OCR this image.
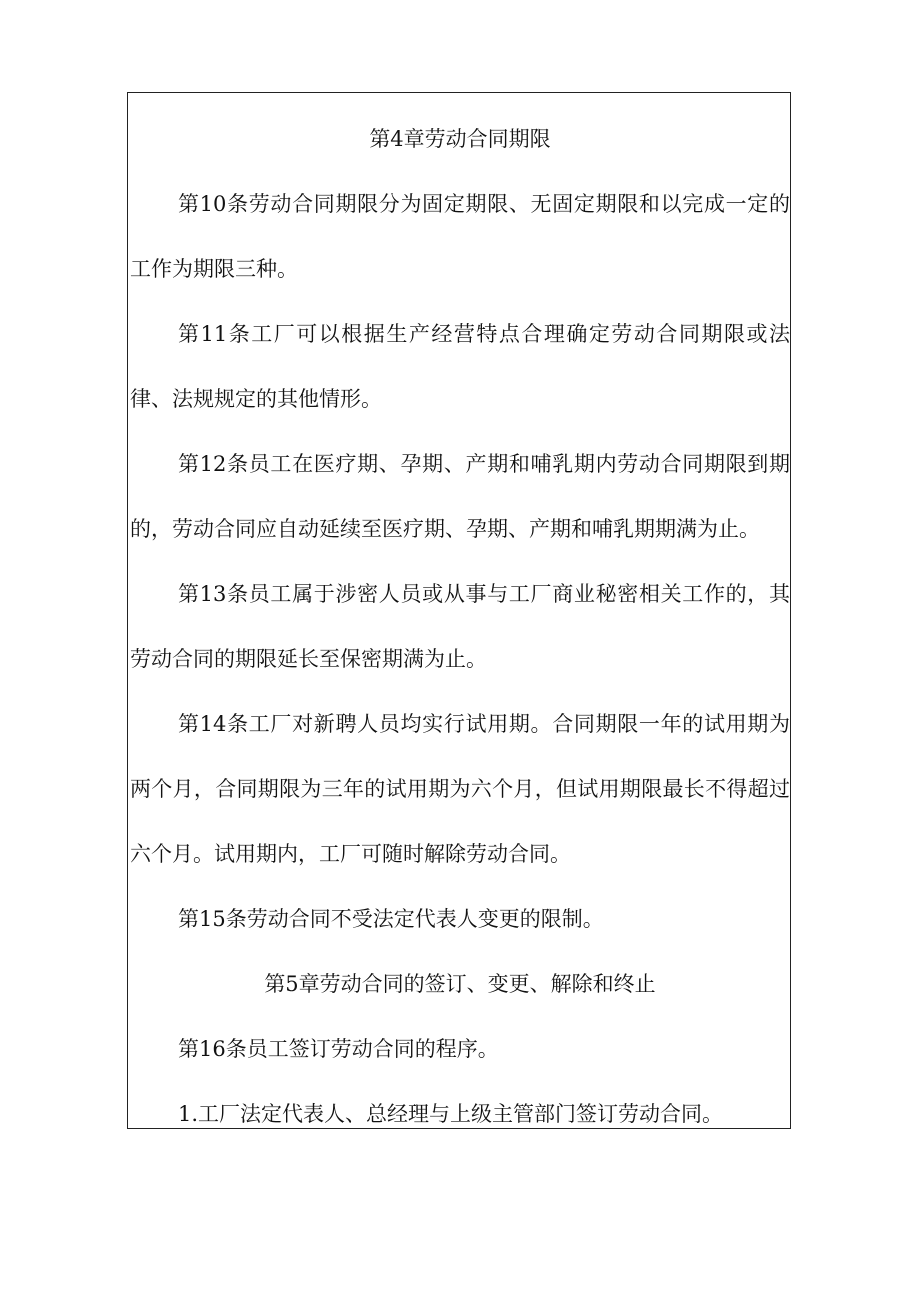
第4章劳动合同期限
第10条劳动合同期限分为固定期限、无固定期限和以完成一定的
工作为期限三种。
第11条工厂可以根据生产经营特点合理确定劳动合同期限或法
律、法规规定的其他情形。
第12条员工在医疗期、孕期、产期和哺乳期内劳动合同期限到期
的，劳动合同应自动延续至医疗期、孕期、产期和哺乳期期满为止。
第13条员工属于涉密人员或从事与工厂商业秘密相关工作的，其
劳动合同的期限延长至保密期满为止。
第14条工厂对新聘人员均实行试用期。合同期限一年的试用期为
两个月，合同期限为三年的试用期为六个月，但试用期限最长不得超过
六个月。试用期内，工厂可随时解除劳动合同。
第15条劳动合同不受法定代表人变更的限制。
第5章劳动合同的签订、变更、解除和终止
第16条员工签订劳动合同的程序。
1.工厂法定代表人、总经理与上级主管部门签订劳动合同。
